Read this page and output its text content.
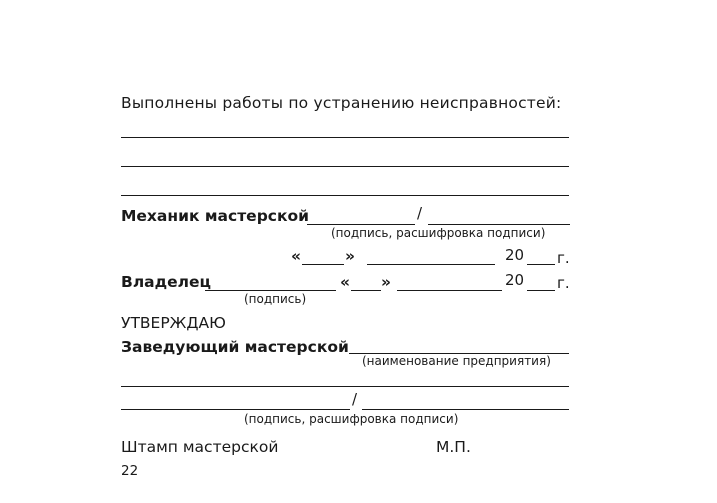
Выполнены работы по устранению неисправностей:
Механик мастерской	/
(подпись, расшифровка подписи)
«	»	20 г.
Владелец
(подпись)
« »	20 г.
УТВЕРЖДАЮ
Заведующий мастерской
(наименование предприятия)
/
(подпись, расшифровка подписи)
Штамп мастерской	М.П.
22
